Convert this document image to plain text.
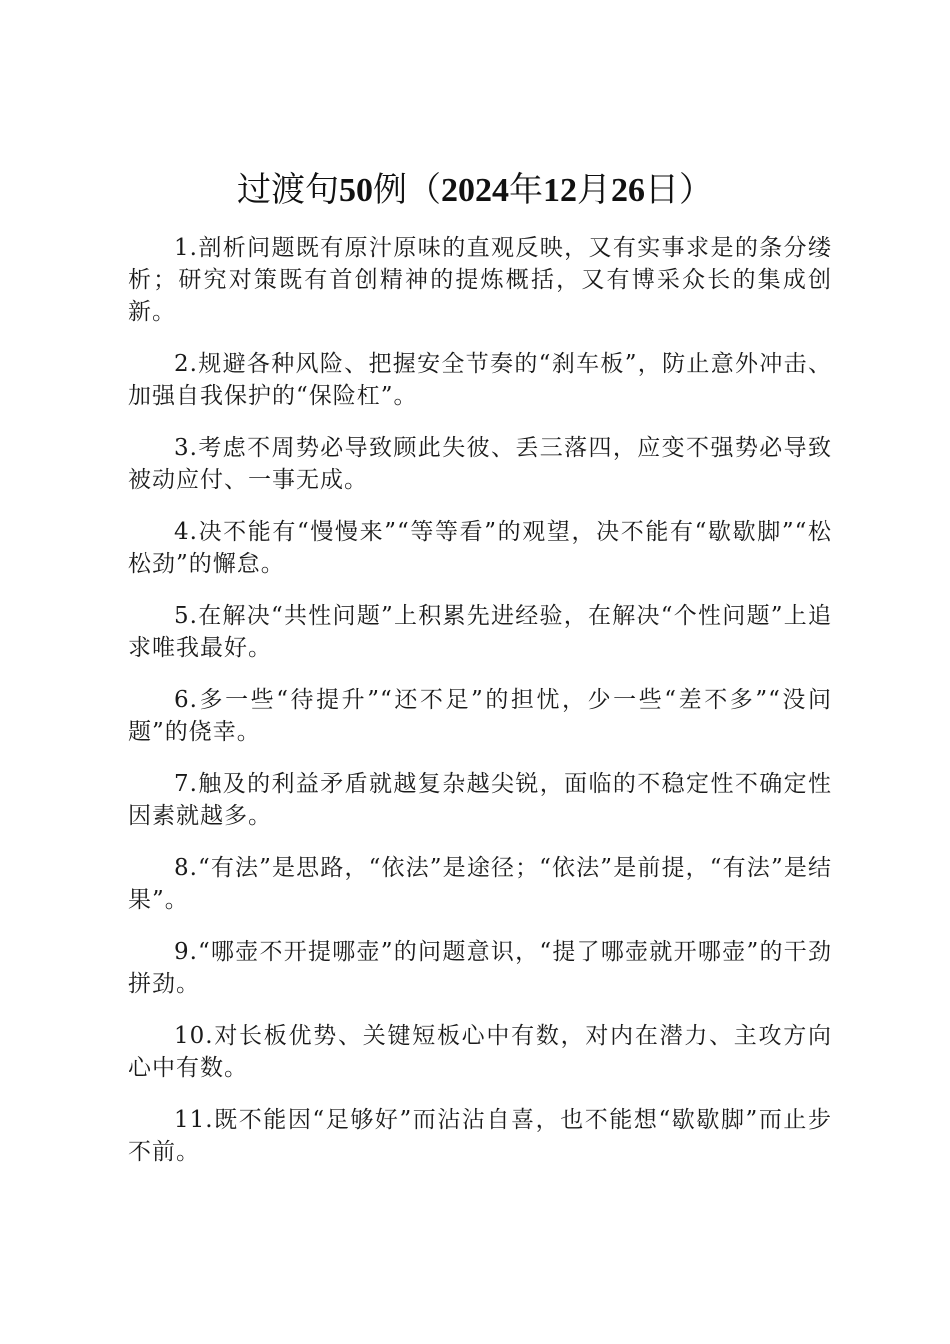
过渡句50例（2024年12月26日）

1.剖析问题既有原汁原味的直观反映，又有实事求是的条分缕析；研究对策既有首创精神的提炼概括，又有博采众长的集成创新。

2.规避各种风险、把握安全节奏的“刹车板”，防止意外冲击、加强自我保护的“保险杠”。

3.考虑不周势必导致顾此失彼、丢三落四，应变不强势必导致被动应付、一事无成。

4.决不能有“慢慢来”“等等看”的观望，决不能有“歇歇脚”“松松劲”的懈怠。

5.在解决“共性问题”上积累先进经验，在解决“个性问题”上追求唯我最好。

6.多一些“待提升”“还不足”的担忧，少一些“差不多”“没问题”的侥幸。

7.触及的利益矛盾就越复杂越尖锐，面临的不稳定性不确定性因素就越多。

8.“有法”是思路，“依法”是途径；“依法”是前提，“有法”是结果”。

9.“哪壶不开提哪壶”的问题意识，“提了哪壶就开哪壶”的干劲拼劲。

10.对长板优势、关键短板心中有数，对内在潜力、主攻方向心中有数。

11.既不能因“足够好”而沾沾自喜，也不能想“歇歇脚”而止步不前。
